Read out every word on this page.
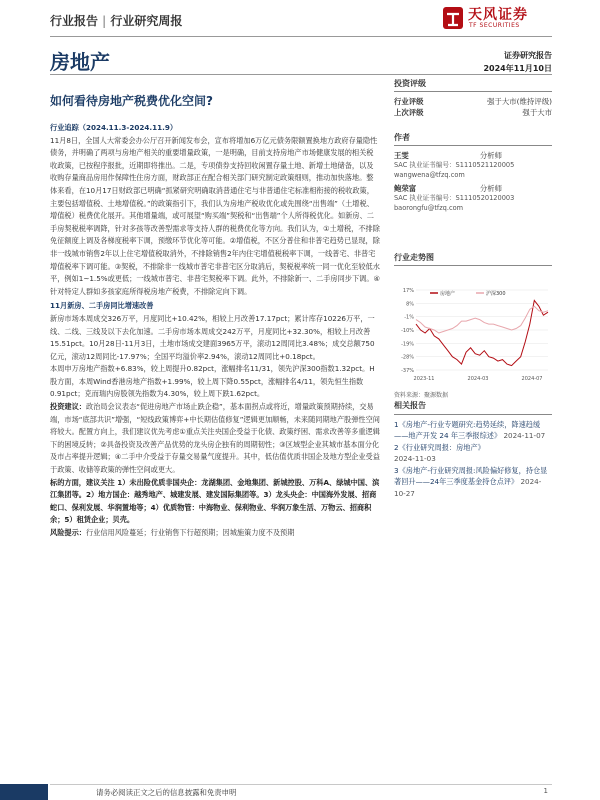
行业报告 | 行业研究周报	天风证券
TF SECURITIES
房地产	证券研究报告
2024年11月10日
如何看待房地产税费优化空间?

行业追踪（2024.11.3-2024.11.9）

11月8日，全国人大常委会办公厅召开新闻发布会，宣布将增加6万亿元债务限额置换地方政府存量隐性债务，并明确了两项与房地产相关的重要增量政策，一是明确，目前支持房地产市场健康发展的相关税收政策，已按程序报批，近期即将推出。二是，专项债券支持回收闲置存量土地、新增土地储备，以及收购存量商品房用作保障性住房方面，财政部正在配合相关部门研究制定政策细则，推动加快落地。整体来看，在10月17日财政部已明确“抓紧研究明确取消普通住宅与非普通住宅标准相衔接的税收政策，主要包括增值税、土地增值税。”的政策指引下，我们认为房地产税收优化或先围绕“出售端”（土增税、增值税）税费优化展开。其他增量端，或可展望“购买端”契税和“出售端”个人所得税优化。如新房、二手房契税税率调降，针对多孩等改善型需求等支持人群的税费优化等方向。我们认为，①土增税，不排除免征额度上调及各梯度税率下调，预缴环节优化等可能。②增值税，不区分普住和非普宅趋势已显现，除非一线城市销售2年以上住宅增值税取消外，不排除销售2年内住宅增值税税率下调，一线普宅、非普宅增值税率下调可能。③契税，不排除非一线城市普宅非普宅区分取消后，契税税率统一同一优化至较低水平，例如1~1.5%或更低；一线城市普宅、非普宅契税率下调。此外，不排除新一、二手房同步下调。④针对特定人群如多孩家庭所得税房地产税费，不排除定向下调。

11月新房、二手房同比增速改善

新房市场本周成交326万平，月度同比+10.42%，相较上月改善17.17pct；累计库存10226万平，一线、二线、三线及以下去化加速。二手房市场本周成交242万平，月度同比+32.30%，相较上月改善15.51pct。10月28日-11月3日，土地市场成交建面3965万平，滚动12周同比3.48%；成交总额750亿元，滚动12周同比-17.97%；全国平均溢价率2.94%，滚动12周同比+0.18pct。

本周申万房地产指数+6.83%，较上周提升0.82pct，涨幅排名11/31，领先沪深300指数1.32pct。H股方面，本周Wind香港房地产指数+1.99%，较上周下降0.55pct，涨幅排名4/11，领先恒生指数0.91pct；克而瑞内房股领先指数为4.30%，较上周下跌1.62pct。

投资建议：政治局会议表态“促进房地产市场止跌企稳”，基本面拐点或将近，增量政策预期持续，交易端，市场“底部共识”增强，“短线政策博弈+中长期估值修复”逻辑更加顺畅，未来随同期地产股弹性空间将较大。配置方向上，我们建议优先考虑①重点关注央国企受益于化债、政策纾困、需求改善等多重逻辑下的困境反转；②具备投资及改善产品优势的龙头房企独有的周期韧性；③区域型企业其城市基本面分化及市占率提升逻辑；④二手中介受益于存量交易量气度提升。其中，低估值优质非国企及地方型企业受益于政策、收储等政策的弹性空间或更大。

标的方面，建议关注 1）未出险优质非国央企：龙湖集团、金地集团、新城控股、万科A、绿城中国、滨江集团等。2）地方国企：越秀地产、城建发展、建发国际集团等。3）龙头央企：中国海外发展、招商蛇口、保利发展、华润置地等；4）优质物管：中海物业、保利物业、华润万象生活、万物云、招商积余；5）租赁企业；贝壳。

风险提示：行业信用风险蔓延；行业销售下行超预期；因城施策力度不及预期

投资评级
行业评级	强于大市(维持评级)
上次评级	强于大市
作者
王雯	分析师
SAC 执业证书编号：S1110521120005
wangwena@tfzq.com
鲍荣富	分析师
SAC 执业证书编号：S1110520120003
baorongfu@tfzq.com
行业走势图
17%
8%
-1%
-10%
-19%
-28%
-37%
2023-11	2024-03	2024-07
房地产	沪深300
资料来源：聚源数据
相关报告
1《房地产-行业专题研究:趋势延续，降速趋缓——地产开发 24 年三季报综述》 2024-11-07
2《行业研究周报：房地产》
2024-11-03
3《房地产-行业研究周报:风险偏好修复，持仓显著回升——24年三季度基金持仓点评》 2024-10-27
请务必阅读正文之后的信息披露和免责申明	1
